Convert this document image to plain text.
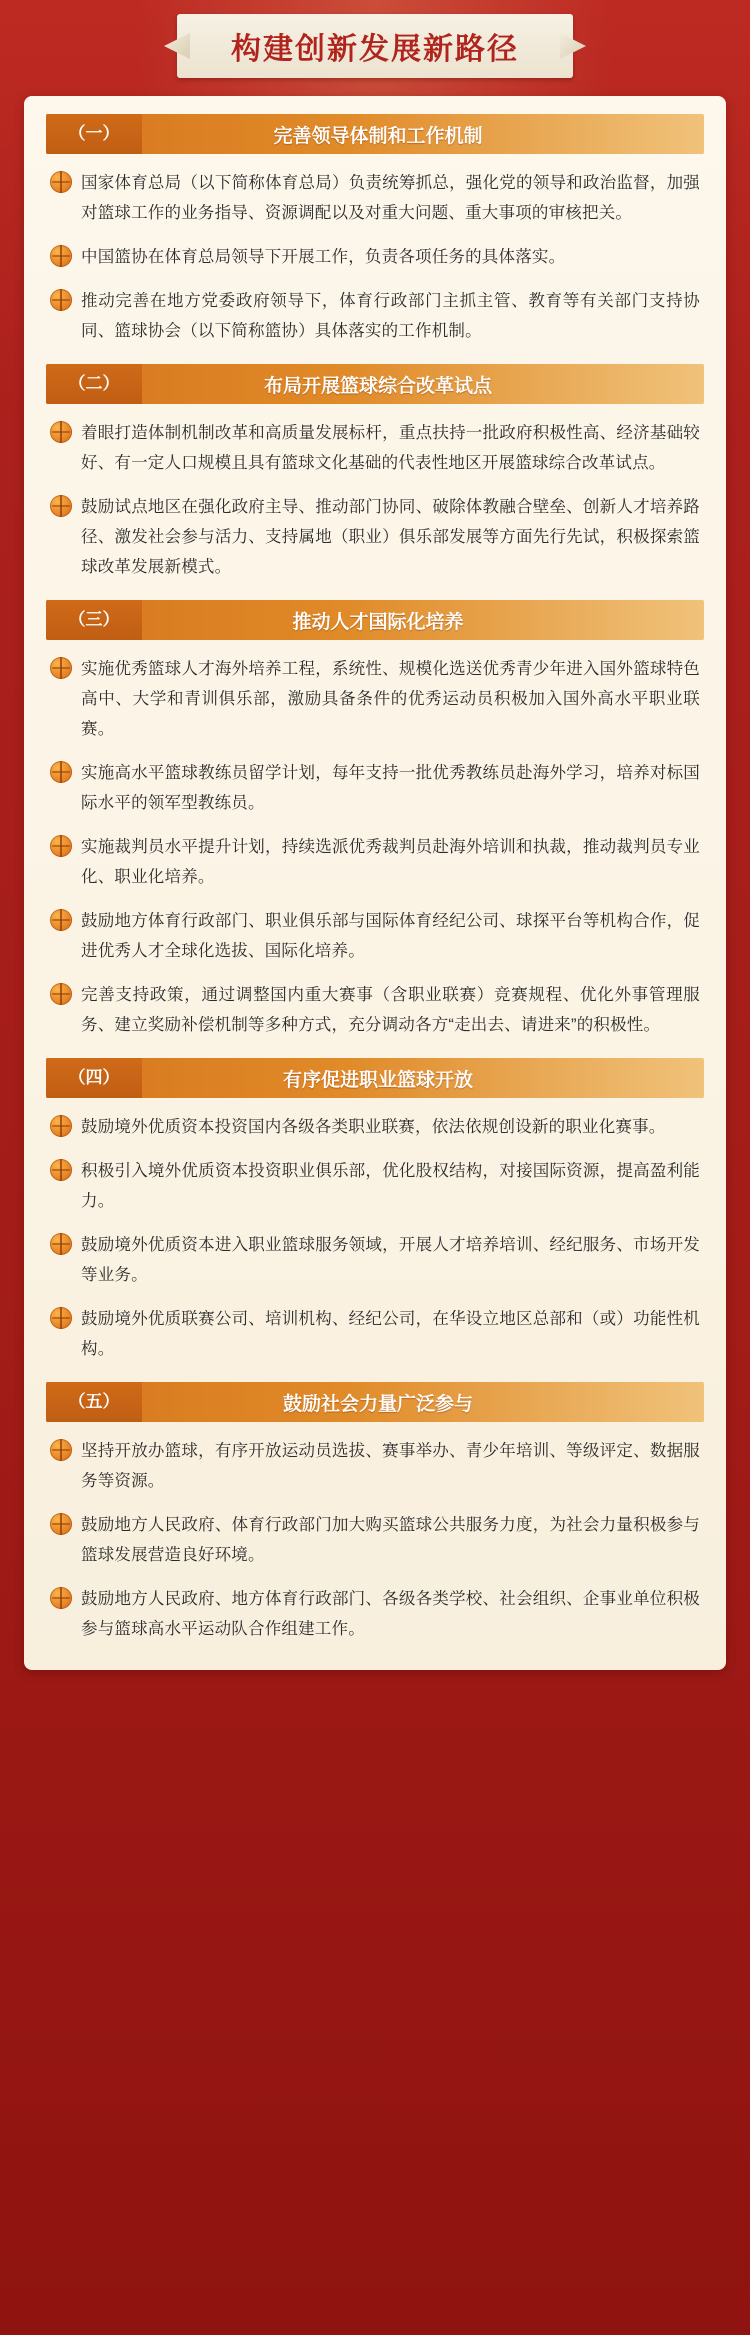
构建创新发展新路径
（一）	完善领导体制和工作机制
国家体育总局（以下简称体育总局）负责统筹抓总，强化党的领导和政治监督，加强对篮球工作的业务指导、资源调配以及对重大问题、重大事项的审核把关。
中国篮协在体育总局领导下开展工作，负责各项任务的具体落实。
推动完善在地方党委政府领导下，体育行政部门主抓主管、教育等有关部门支持协同、篮球协会（以下简称篮协）具体落实的工作机制。
（二）	布局开展篮球综合改革试点
着眼打造体制机制改革和高质量发展标杆，重点扶持一批政府积极性高、经济基础较好、有一定人口规模且具有篮球文化基础的代表性地区开展篮球综合改革试点。
鼓励试点地区在强化政府主导、推动部门协同、破除体教融合壁垒、创新人才培养路径、激发社会参与活力、支持属地（职业）俱乐部发展等方面先行先试，积极探索篮球改革发展新模式。
（三）	推动人才国际化培养
实施优秀篮球人才海外培养工程，系统性、规模化选送优秀青少年进入国外篮球特色高中、大学和青训俱乐部，激励具备条件的优秀运动员积极加入国外高水平职业联赛。
实施高水平篮球教练员留学计划，每年支持一批优秀教练员赴海外学习，培养对标国际水平的领军型教练员。
实施裁判员水平提升计划，持续选派优秀裁判员赴海外培训和执裁，推动裁判员专业化、职业化培养。
鼓励地方体育行政部门、职业俱乐部与国际体育经纪公司、球探平台等机构合作，促进优秀人才全球化选拔、国际化培养。
完善支持政策，通过调整国内重大赛事（含职业联赛）竞赛规程、优化外事管理服务、建立奖励补偿机制等多种方式，充分调动各方“走出去、请进来”的积极性。
（四）	有序促进职业篮球开放
鼓励境外优质资本投资国内各级各类职业联赛，依法依规创设新的职业化赛事。
积极引入境外优质资本投资职业俱乐部，优化股权结构，对接国际资源，提高盈利能力。
鼓励境外优质资本进入职业篮球服务领域，开展人才培养培训、经纪服务、市场开发等业务。
鼓励境外优质联赛公司、培训机构、经纪公司，在华设立地区总部和（或）功能性机构。
（五）	鼓励社会力量广泛参与
坚持开放办篮球，有序开放运动员选拔、赛事举办、青少年培训、等级评定、数据服务等资源。
鼓励地方人民政府、体育行政部门加大购买篮球公共服务力度，为社会力量积极参与篮球发展营造良好环境。
鼓励地方人民政府、地方体育行政部门、各级各类学校、社会组织、企事业单位积极参与篮球高水平运动队合作组建工作。
